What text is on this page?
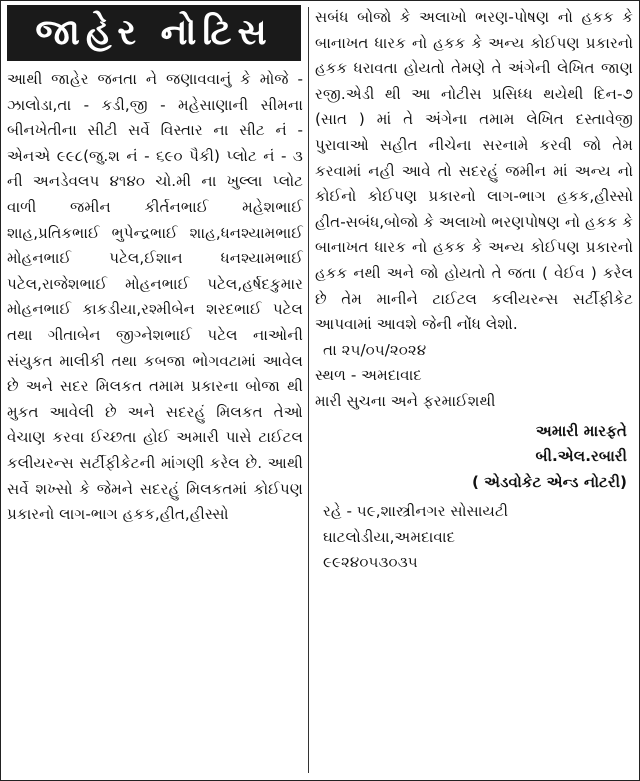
જાહેર નોટિસ

આથી જાહેર જનતા ને જણાવવાનું કે મોજે - ઝાલોડા,તા - કડી,જી - મહેસાણાની સીમના બીનખેતીના સીટી સર્વે વિસ્તાર ના સીટ નં - એનએ ૯૯૮(જુ.શ નં - ૬૯૦ પૈકી) પ્લોટ નં - ૩ ની અનડેવલપ ૪૧૪૦ ચો.મી ના ખુલ્લા પ્લોટ વાળી જમીન કીર્તનભાઈ મહેશભાઈ શાહ,પ્રતિકભાઈ ભુપેન્દ્રભાઈ શાહ,ધનશ્યામભાઈ મોહનભાઈ પટેલ,ઈશાન ધનશ્યામભાઈ પટેલ,રાજેશભાઈ મોહનભાઈ પટેલ,હર્ષદકુમાર મોહનભાઈ કાકડીયા,રશ્મીબેન શરદભાઈ પટેલ તથા ગીતાબેન જીગ્નેશભાઈ પટેલ નાઓની સંયુકત માલીકી તથા કબજા ભોગવટામાં આવેલ છે અને સદર મિલકત તમામ પ્રકારના બોજા થી મુકત આવેલી છે અને સદરહું મિલકત તેઓ વેચાણ કરવા ઈચ્છતા હોઈ અમારી પાસે ટાઈટલ કલીયરન્સ સર્ટીફીકેટની માંગણી કરેલ છે. આથી સર્વે શખ્સો કે જેમને સદરહું મિલકતમાં કોઈપણ પ્રકારનો લાગ-ભાગ હકક,હીત,હીસ્સો

સબંધ બોજો કે અલાખો ભરણ-પોષણ નો હકક કે બાનાખત ધારક નો હકક કે અન્ય કોઈપણ પ્રકારનો હકક ધરાવતા હોયતો તેમણે તે અંગેની લેખિત જાણ રજી.એડી થી આ નોટીસ પ્રસિધ્ધ થયેથી દિન-૭ (સાત ) માં તે અંગેના તમામ લેખિત દસ્તાવેજી પુરાવાઓ સહીત નીચેના સરનામે કરવી જો તેમ કરવામાં નહી આવે તો સદરહું જમીન માં અન્ય નો કોઈનો કોઈપણ પ્રકારનો લાગ-ભાગ હકક,હીસ્સો હીત-સબંધ,બોજો કે અલાખો ભરણપોષણ નો હકક કે બાનાખત ધારક નો હકક કે અન્ય કોઈપણ પ્રકારનો હકક નથી અને જો હોયતો તે જતા ( વેઈવ ) કરેલ છે તેમ માનીને ટાઈટલ કલીયરન્સ સર્ટીફીકેટ આપવામાં આવશે જેની નોંધ લેશો.

તા ૨૫/૦૫/૨૦૨૪

સ્થળ - અમદાવાદ

મારી સુચના અને ફરમાઈશથી

અમારી મારફતે

બી.એલ.રબારી

( એડવોકેટ એન્ડ નોટરી)

રહે - ૫૯,શાસ્ત્રીનગર સોસાયટી

ઘાટલોડીયા,અમદાવાદ

૯૯૨૪૦૫૩૦૩૫
